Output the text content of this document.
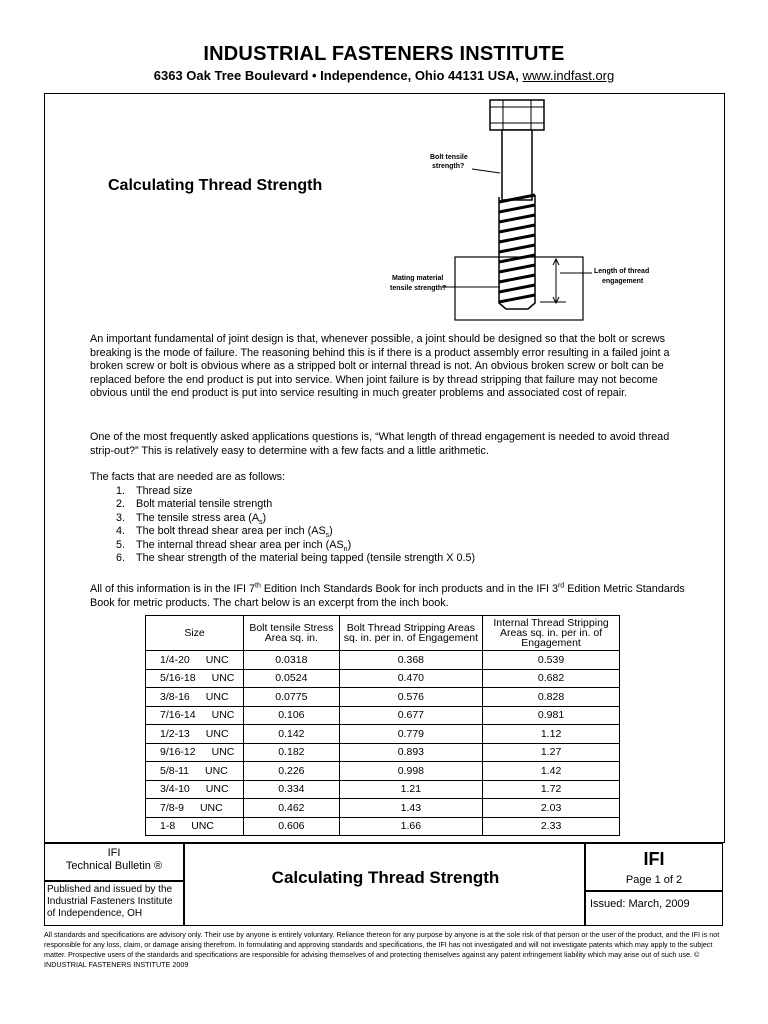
INDUSTRIAL FASTENERS INSTITUTE
6363 Oak Tree Boulevard • Independence, Ohio 44131 USA, www.indfast.org
Calculating Thread Strength
Bolt tensile
strength?
Mating material
tensile strength?
Length of thread
engagement

An important fundamental of joint design is that, whenever possible, a joint should be designed so that the bolt or screws breaking is the mode of failure. The reasoning behind this is if there is a product assembly error resulting in a failed joint a broken screw or bolt is obvious where as a stripped bolt or internal thread is not. An obvious broken screw or bolt can be replaced before the end product is put into service. When joint failure is by thread stripping that failure may not become obvious until the end product is put into service resulting in much greater problems and associated cost of repair.

One of the most frequently asked applications questions is, “What length of thread engagement is needed to avoid thread strip-out?” This is relatively easy to determine with a few facts and a little arithmetic.

The facts that are needed are as follows:

1. Thread size
2. Bolt material tensile strength
3. The tensile stress area $(A_s)$
4. The bolt thread shear area per inch $(AS_s)$
5. The internal thread shear area per inch $(AS_n)$
6. The shear strength of the material being tapped (tensile strength X 0.5)

All of this information is in the IFI 7th Edition Inch Standards Book for inch products and in the IFI 3rd Edition Metric Standards Book for metric products. The chart below is an excerpt from the inch book.

Size	Bolt tensile Stress Area sq. in.	Bolt Thread Stripping Areas sq. in. per in. of Engagement	Internal Thread Stripping Areas sq. in. per in. of Engagement
1/4-20 UNC	0.0318	0.368	0.539
5/16-18 UNC	0.0524	0.470	0.682
3/8-16 UNC	0.0775	0.576	0.828
7/16-14 UNC	0.106	0.677	0.981
1/2-13 UNC	0.142	0.779	1.12
9/16-12 UNC	0.182	0.893	1.27
5/8-11 UNC	0.226	0.998	1.42
3/4-10 UNC	0.334	1.21	1.72
7/8-9 UNC	0.462	1.43	2.03
1-8 UNC	0.606	1.66	2.33
IFI
Technical Bulletin ®
Published and issued by the Industrial Fasteners Institute of Independence, OH
Calculating Thread Strength
IFI
Page 1 of 2
Issued: March, 2009
All standards and specifications are advisory only. Their use by anyone is entirely voluntary. Reliance thereon for any purpose by anyone is at the sole risk of that person or the user of the product, and the IFI is not responsible for any loss, claim, or damage arising therefrom. In formulating and approving standards and specifications, the IFI has not investigated and will not investigate patents which may apply to the subject matter. Prospective users of the standards and specifications are responsible for advising themselves of and protecting themselves against any patent infringement liability which may arise out of such use. © INDUSTRIAL FASTENERS INSTITUTE 2009
